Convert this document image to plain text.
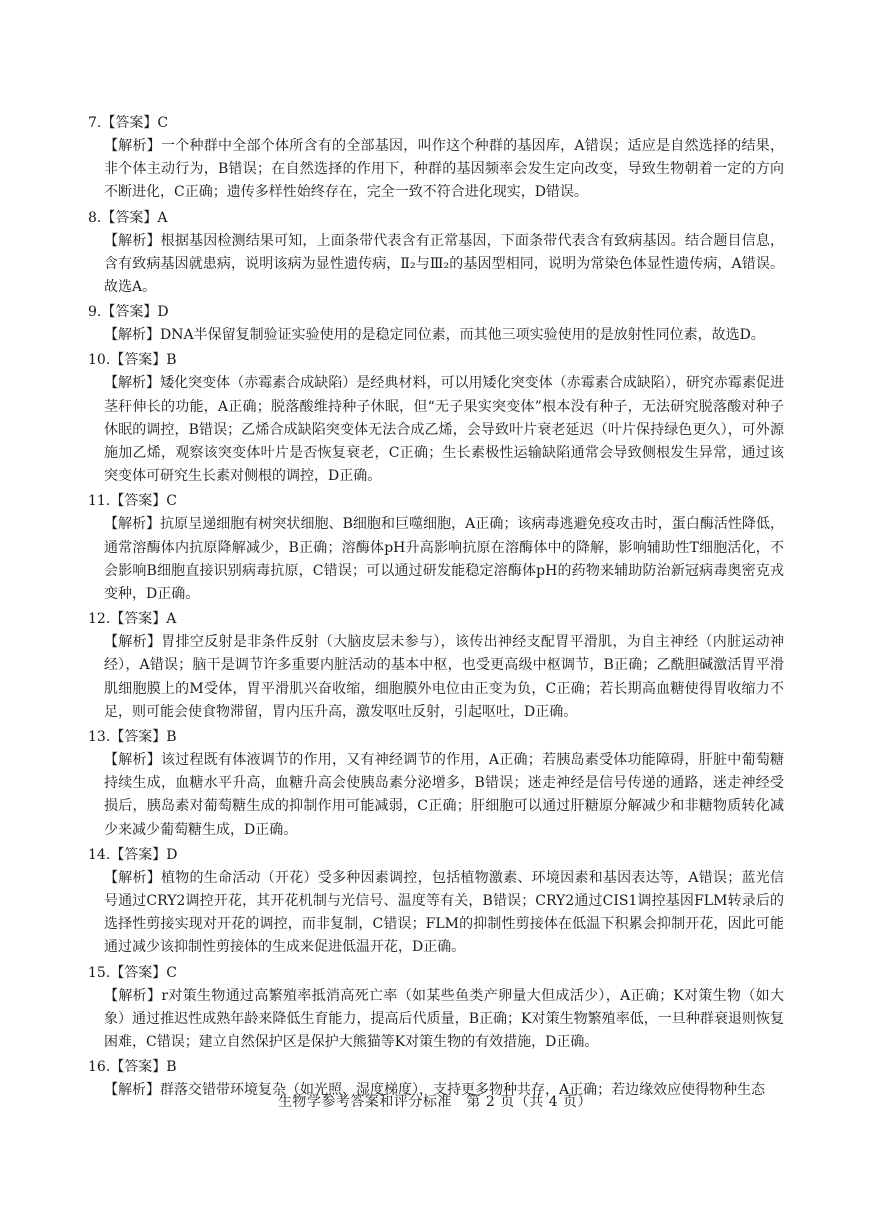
7.【答案】C

【解析】一个种群中全部个体所含有的全部基因，叫作这个种群的基因库，A错误；适应是自然选择的结果，非个体主动行为，B错误；在自然选择的作用下，种群的基因频率会发生定向改变，导致生物朝着一定的方向不断进化，C正确；遗传多样性始终存在，完全一致不符合进化现实，D错误。

8.【答案】A

【解析】根据基因检测结果可知，上面条带代表含有正常基因，下面条带代表含有致病基因。结合题目信息，含有致病基因就患病，说明该病为显性遗传病，Ⅱ₂与Ⅲ₂的基因型相同，说明为常染色体显性遗传病，A错误。故选A。

9.【答案】D

【解析】DNA半保留复制验证实验使用的是稳定同位素，而其他三项实验使用的是放射性同位素，故选D。

10.【答案】B

【解析】矮化突变体（赤霉素合成缺陷）是经典材料，可以用矮化突变体（赤霉素合成缺陷），研究赤霉素促进茎秆伸长的功能，A正确；脱落酸维持种子休眠，但“无子果实突变体”根本没有种子，无法研究脱落酸对种子休眠的调控，B错误；乙烯合成缺陷突变体无法合成乙烯，会导致叶片衰老延迟（叶片保持绿色更久），可外源施加乙烯，观察该突变体叶片是否恢复衰老，C正确；生长素极性运输缺陷通常会导致侧根发生异常，通过该突变体可研究生长素对侧根的调控，D正确。

11.【答案】C

【解析】抗原呈递细胞有树突状细胞、B细胞和巨噬细胞，A正确；该病毒逃避免疫攻击时，蛋白酶活性降低，通常溶酶体内抗原降解减少，B正确；溶酶体pH升高影响抗原在溶酶体中的降解，影响辅助性T细胞活化，不会影响B细胞直接识别病毒抗原，C错误；可以通过研发能稳定溶酶体pH的药物来辅助防治新冠病毒奥密克戎变种，D正确。

12.【答案】A

【解析】胃排空反射是非条件反射（大脑皮层未参与），该传出神经支配胃平滑肌，为自主神经（内脏运动神经），A错误；脑干是调节许多重要内脏活动的基本中枢，也受更高级中枢调节，B正确；乙酰胆碱激活胃平滑肌细胞膜上的M受体，胃平滑肌兴奋收缩，细胞膜外电位由正变为负，C正确；若长期高血糖使得胃收缩力不足，则可能会使食物滞留，胃内压升高，激发呕吐反射，引起呕吐，D正确。

13.【答案】B

【解析】该过程既有体液调节的作用，又有神经调节的作用，A正确；若胰岛素受体功能障碍，肝脏中葡萄糖持续生成，血糖水平升高，血糖升高会使胰岛素分泌增多，B错误；迷走神经是信号传递的通路，迷走神经受损后，胰岛素对葡萄糖生成的抑制作用可能减弱，C正确；肝细胞可以通过肝糖原分解减少和非糖物质转化减少来减少葡萄糖生成，D正确。

14.【答案】D

【解析】植物的生命活动（开花）受多种因素调控，包括植物激素、环境因素和基因表达等，A错误；蓝光信号通过CRY2调控开花，其开花机制与光信号、温度等有关，B错误；CRY2通过CIS1调控基因FLM转录后的选择性剪接实现对开花的调控，而非复制，C错误；FLM的抑制性剪接体在低温下积累会抑制开花，因此可能通过减少该抑制性剪接体的生成来促进低温开花，D正确。

15.【答案】C

【解析】r对策生物通过高繁殖率抵消高死亡率（如某些鱼类产卵量大但成活少），A正确；K对策生物（如大象）通过推迟性成熟年龄来降低生育能力，提高后代质量，B正确；K对策生物繁殖率低，一旦种群衰退则恢复困难，C错误；建立自然保护区是保护大熊猫等K对策生物的有效措施，D正确。

16.【答案】B

【解析】群落交错带环境复杂（如光照、湿度梯度），支持更多物种共存，A正确；若边缘效应使得物种生态

生物学参考答案和评分标准　第 2 页（共 4 页）
